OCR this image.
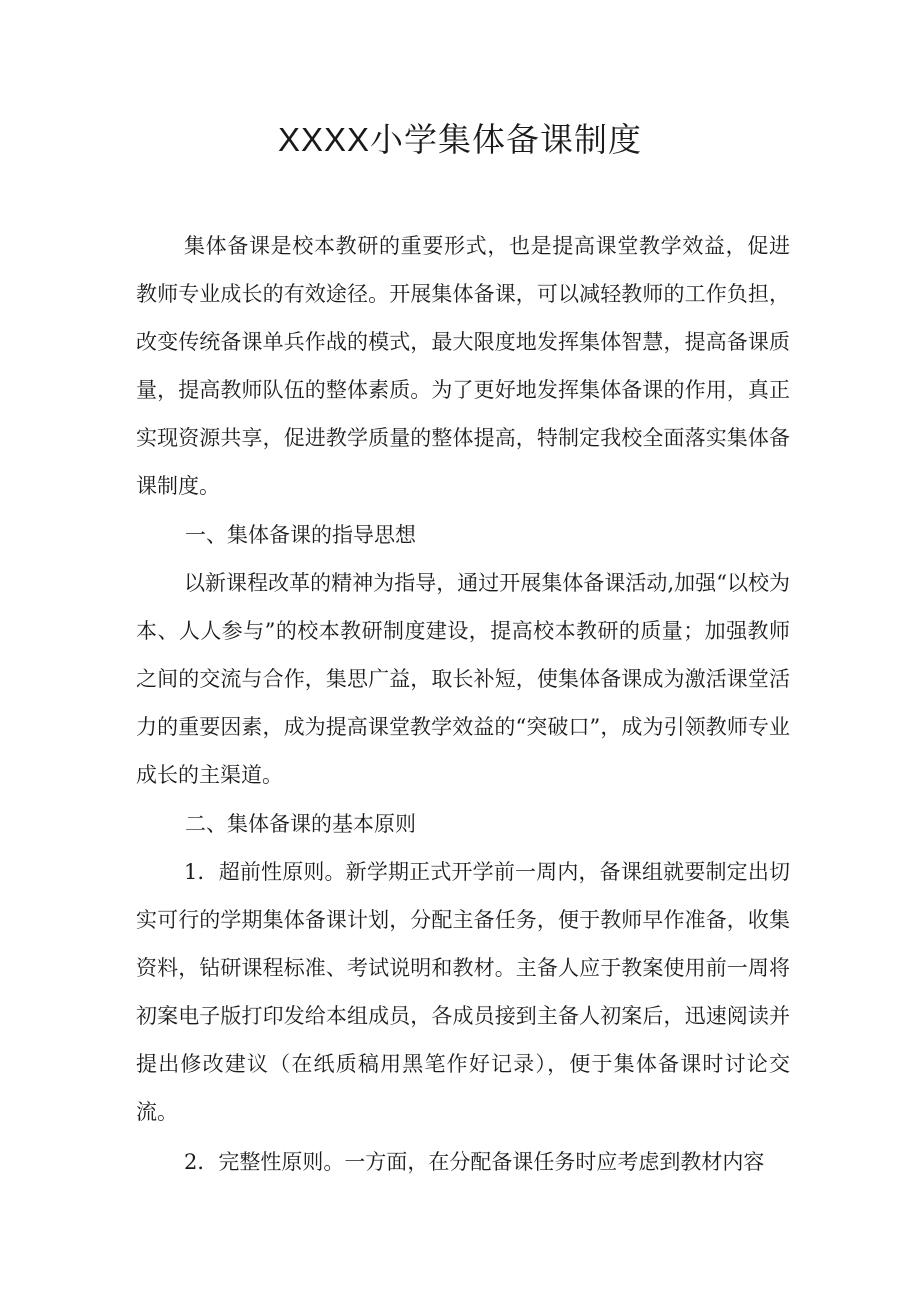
XXXX小学集体备课制度

集体备课是校本教研的重要形式，也是提高课堂教学效益，促进教师专业成长的有效途径。开展集体备课，可以减轻教师的工作负担，改变传统备课单兵作战的模式，最大限度地发挥集体智慧，提高备课质量，提高教师队伍的整体素质。为了更好地发挥集体备课的作用，真正实现资源共享，促进教学质量的整体提高，特制定我校全面落实集体备课制度。

一、集体备课的指导思想

以新课程改革的精神为指导，通过开展集体备课活动,加强“以校为本、人人参与”的校本教研制度建设，提高校本教研的质量；加强教师之间的交流与合作，集思广益，取长补短，使集体备课成为激活课堂活力的重要因素，成为提高课堂教学效益的“突破口”，成为引领教师专业成长的主渠道。

二、集体备课的基本原则

1．超前性原则。新学期正式开学前一周内，备课组就要制定出切实可行的学期集体备课计划，分配主备任务，便于教师早作准备，收集资料，钻研课程标准、考试说明和教材。主备人应于教案使用前一周将初案电子版打印发给本组成员，各成员接到主备人初案后，迅速阅读并提出修改建议（在纸质稿用黑笔作好记录），便于集体备课时讨论交流。

2．完整性原则。一方面，在分配备课任务时应考虑到教材内容
